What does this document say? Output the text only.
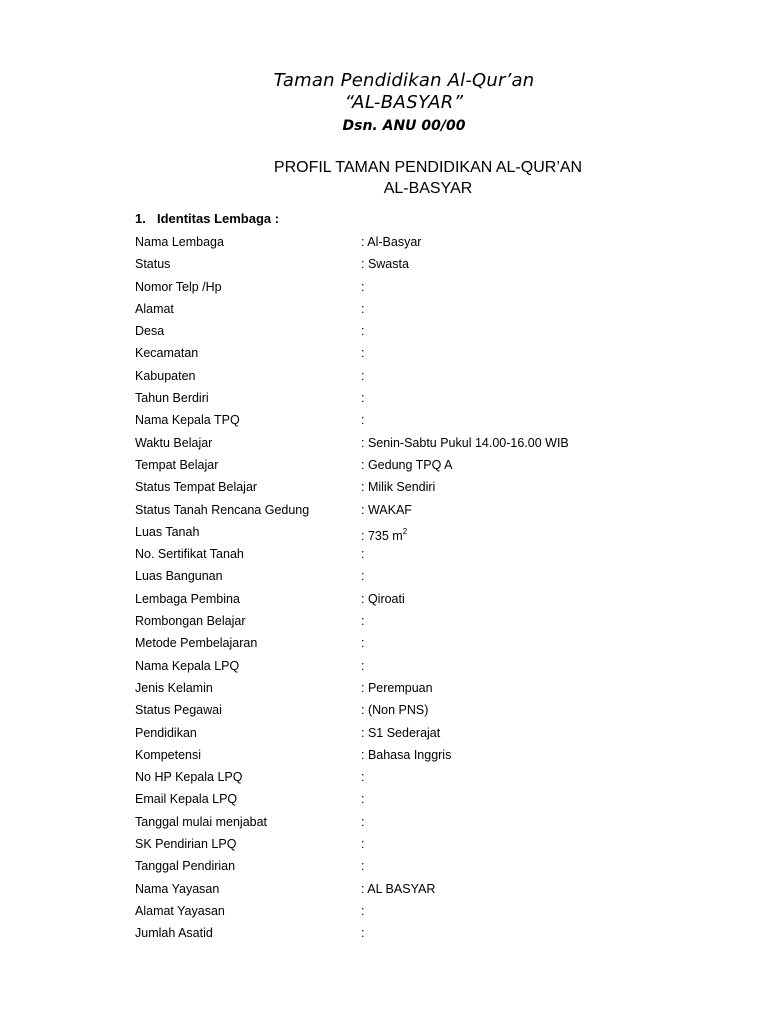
Taman Pendidikan Al-Qur’an
“AL-BASYAR”
Dsn. ANU 00/00
PROFIL TAMAN PENDIDIKAN AL-QUR’AN
AL-BASYAR
1. Identitas Lembaga :
Nama Lembaga	: Al-Basyar
Status	: Swasta
Nomor Telp /Hp	:
Alamat	:
Desa	:
Kecamatan	:
Kabupaten	:
Tahun Berdiri	:
Nama Kepala TPQ	:
Waktu Belajar	: Senin-Sabtu Pukul 14.00-16.00 WIB
Tempat Belajar	: Gedung TPQ A
Status Tempat Belajar	: Milik Sendiri
Status Tanah Rencana Gedung	: WAKAF
Luas Tanah	: 735 $m^2$
No. Sertifikat Tanah	:
Luas Bangunan	:
Lembaga Pembina	: Qiroati
Rombongan Belajar	:
Metode Pembelajaran	:
Nama Kepala LPQ	:
Jenis Kelamin	: Perempuan
Status Pegawai	: (Non PNS)
Pendidikan	: S1 Sederajat
Kompetensi	: Bahasa Inggris
No HP Kepala LPQ	:
Email Kepala LPQ	:
Tanggal mulai menjabat	:
SK Pendirian LPQ	:
Tanggal Pendirian	:
Nama Yayasan	: AL BASYAR
Alamat Yayasan	:
Jumlah Asatid	:
